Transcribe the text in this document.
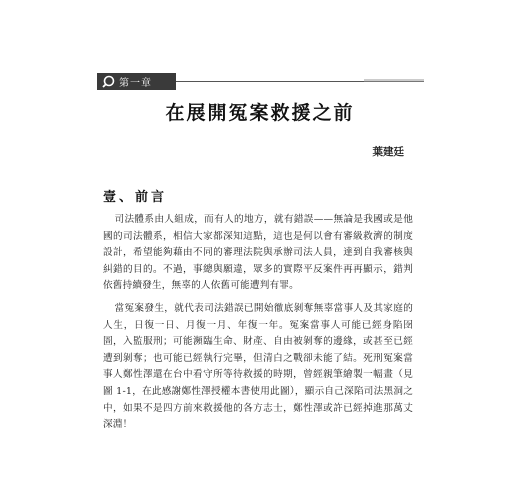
第一章
在展開冤案救援之前
葉建廷
壹、前言

司法體系由人組成，而有人的地方，就有錯誤——無論是我國或是他國的司法體系，相信大家都深知這點，這也是何以會有審級救濟的制度設計，希望能夠藉由不同的審理法院與承辦司法人員，達到自我審核與糾錯的目的。不過，事總與願違，眾多的實際平反案件再再顯示，錯判依舊持續發生，無辜的人依舊可能遭判有罪。

當冤案發生，就代表司法錯誤已開始徹底剝奪無辜當事人及其家庭的人生，日復一日、月復一月、年復一年。冤案當事人可能已經身陷囹圄，入監服刑；可能瀕臨生命、財產、自由被剝奪的邊緣，或甚至已經遭到剝奪；也可能已經執行完畢，但清白之戰卻未能了結。死刑冤案當事人鄭性澤還在台中看守所等待救援的時期，曾經親筆繪製一幅畫（見圖 1-1，在此感謝鄭性澤授權本書使用此圖），顯示自己深陷司法黑洞之中，如果不是四方前來救援他的各方志士，鄭性澤或許已經掉進那萬丈深淵！
